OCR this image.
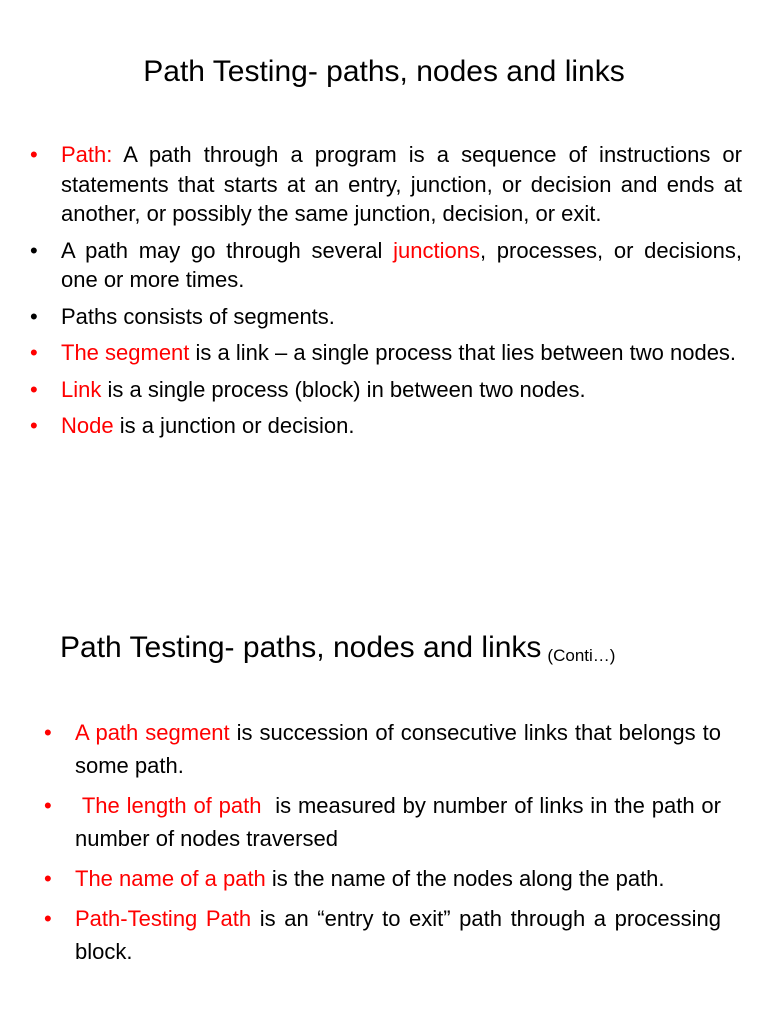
Path Testing- paths, nodes and links
• Path: A path through a program is a sequence of instructions or statements that starts at an entry, junction, or decision and ends at another, or possibly the same junction, decision, or exit.
• A path may go through several junctions, processes, or decisions, one or more times.
• Paths consists of segments.
• The segment is a link – a single process that lies between two nodes.
• Link is a single process (block) in between two nodes.
• Node is a junction or decision.
Path Testing- paths, nodes and links (Conti…)
• A path segment is succession of consecutive links that belongs to some path.
• The length of path  is measured by number of links in the path or number of nodes traversed
• The name of a path is the name of the nodes along the path.
• Path-Testing Path is an “entry to exit” path through a processing block.
